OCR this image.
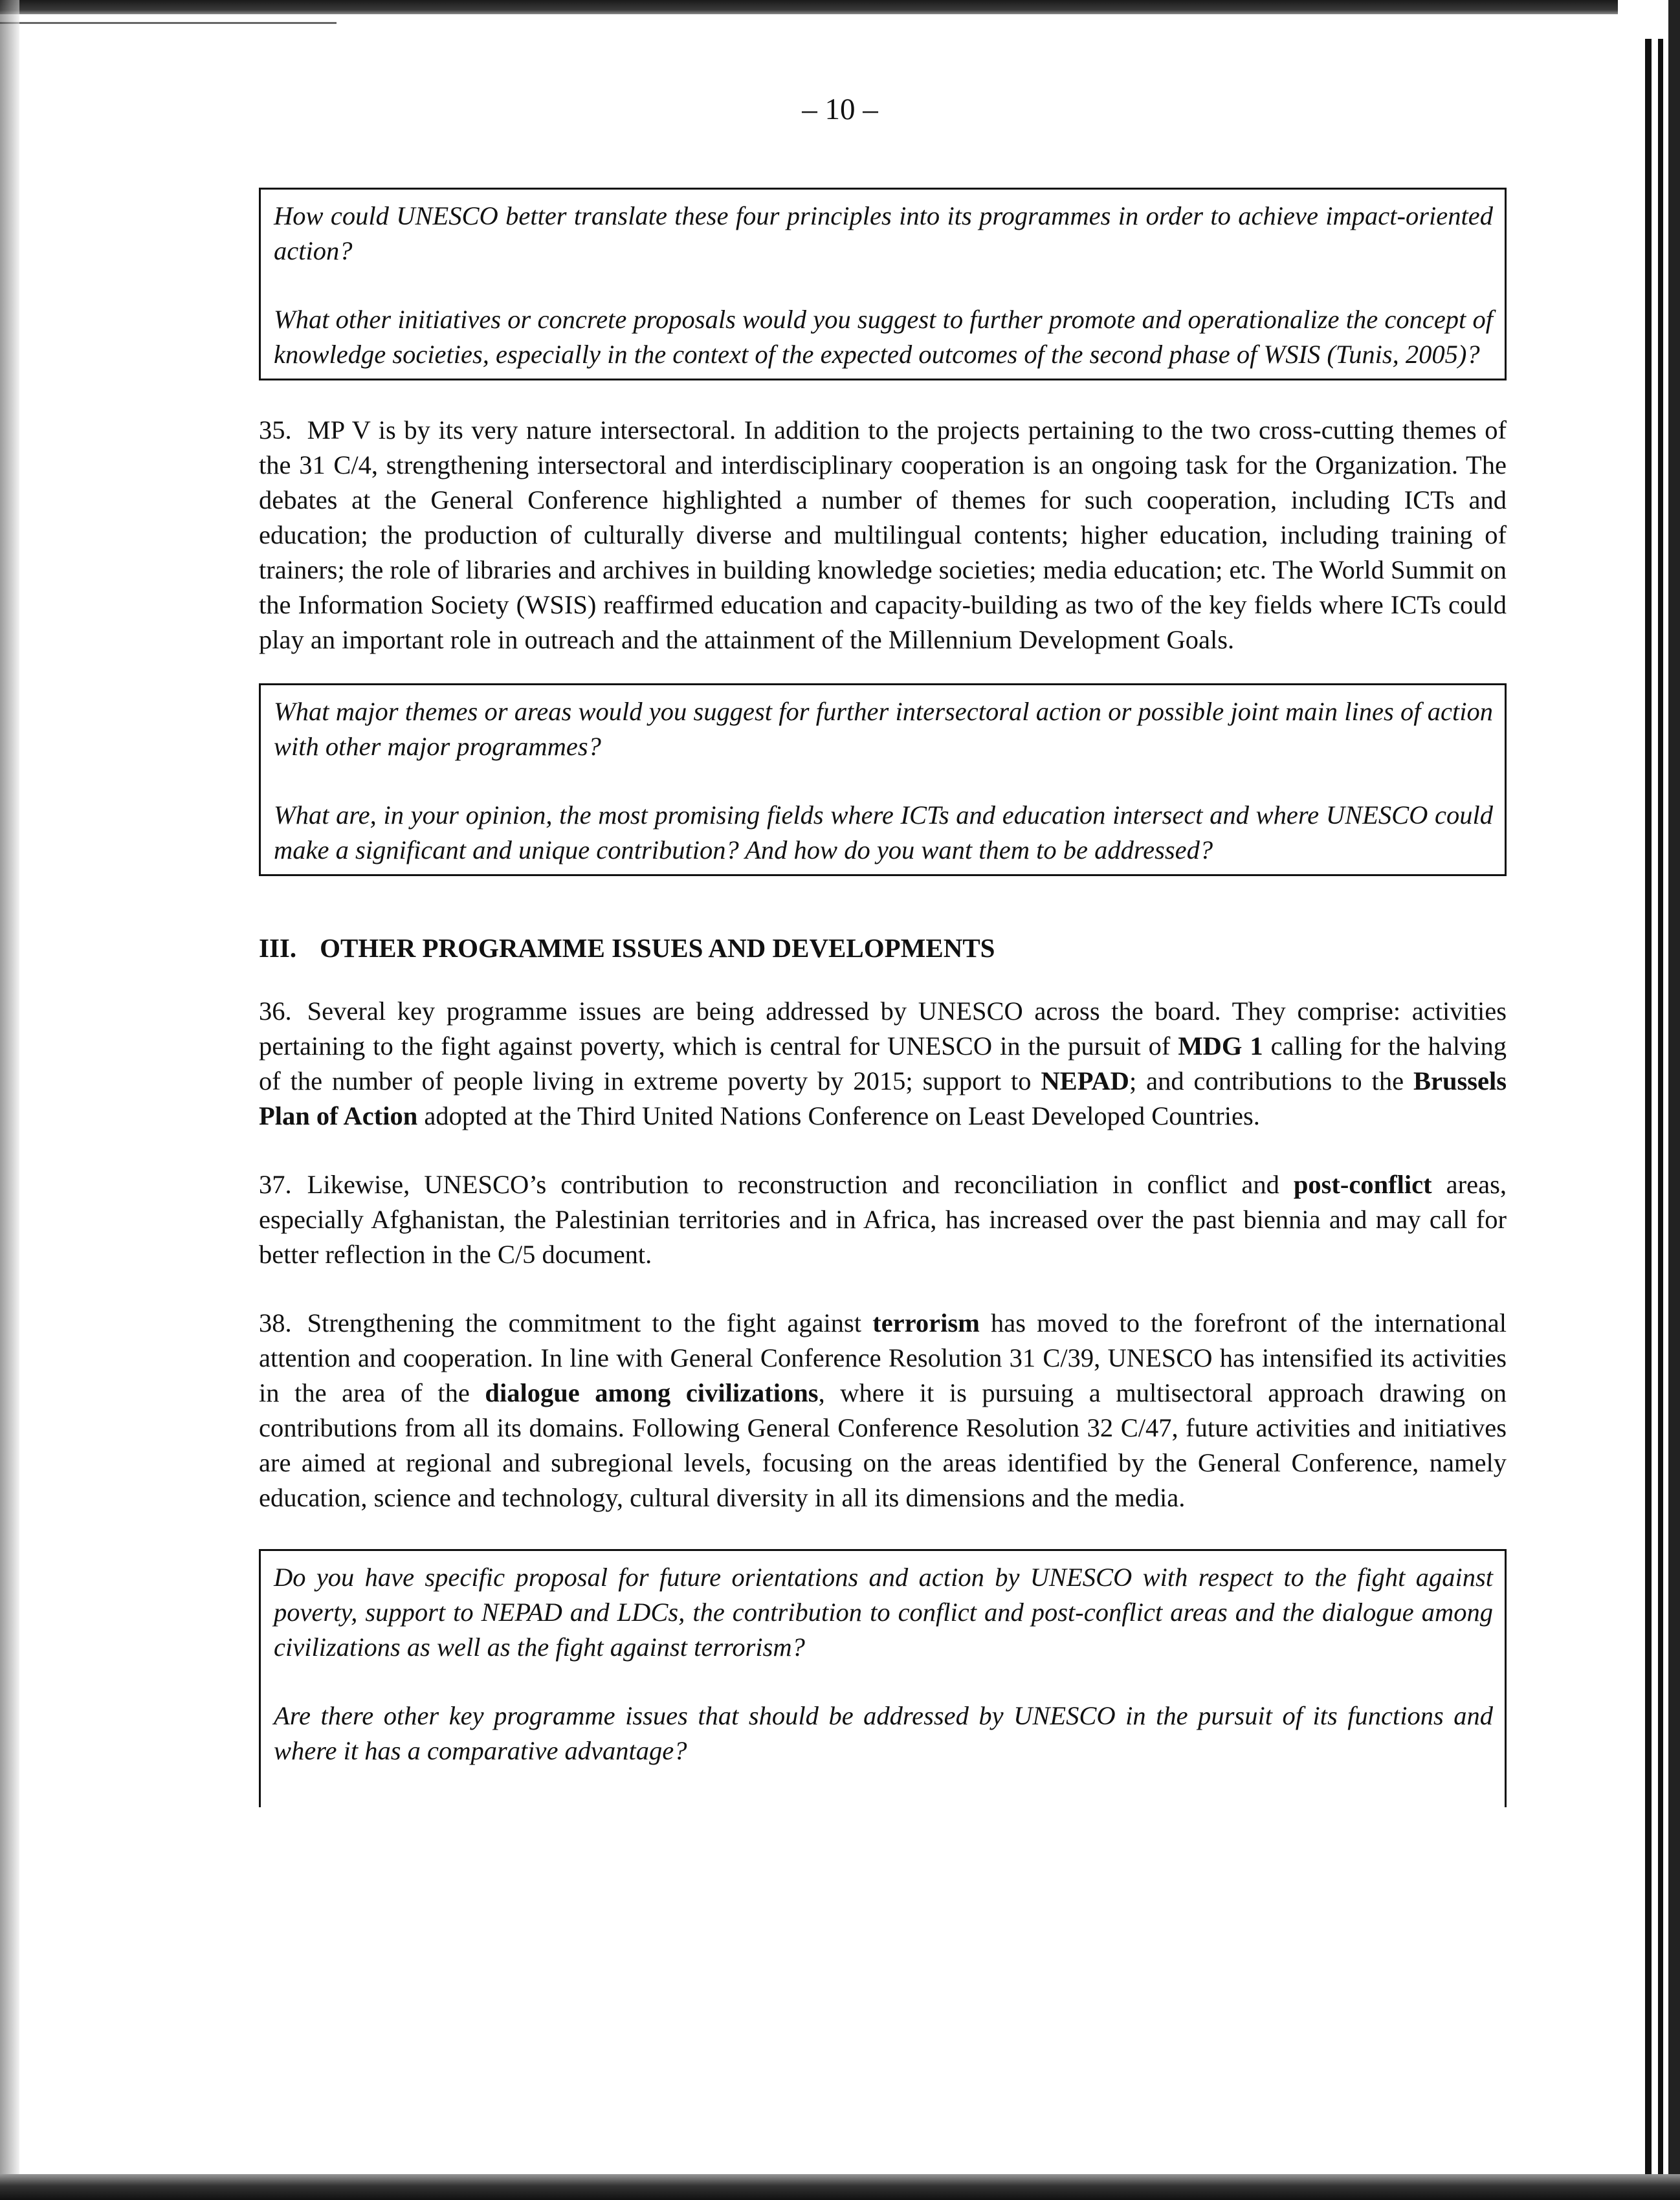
– 10 –

How could UNESCO better translate these four principles into its programmes in order to achieve impact-oriented action?

What other initiatives or concrete proposals would you suggest to further promote and operationalize the concept of knowledge societies, especially in the context of the expected outcomes of the second phase of WSIS (Tunis, 2005)?

35. MP V is by its very nature intersectoral. In addition to the projects pertaining to the two cross-cutting themes of the 31 C/4, strengthening intersectoral and interdisciplinary cooperation is an ongoing task for the Organization. The debates at the General Conference highlighted a number of themes for such cooperation, including ICTs and education; the production of culturally diverse and multilingual contents; higher education, including training of trainers; the role of libraries and archives in building knowledge societies; media education; etc. The World Summit on the Information Society (WSIS) reaffirmed education and capacity-building as two of the key fields where ICTs could play an important role in outreach and the attainment of the Millennium Development Goals.

What major themes or areas would you suggest for further intersectoral action or possible joint main lines of action with other major programmes?

What are, in your opinion, the most promising fields where ICTs and education intersect and where UNESCO could make a significant and unique contribution? And how do you want them to be addressed?

III. OTHER PROGRAMME ISSUES AND DEVELOPMENTS

36. Several key programme issues are being addressed by UNESCO across the board. They comprise: activities pertaining to the fight against poverty, which is central for UNESCO in the pursuit of MDG 1 calling for the halving of the number of people living in extreme poverty by 2015; support to NEPAD; and contributions to the Brussels Plan of Action adopted at the Third United Nations Conference on Least Developed Countries.

37. Likewise, UNESCO’s contribution to reconstruction and reconciliation in conflict and post-conflict areas, especially Afghanistan, the Palestinian territories and in Africa, has increased over the past biennia and may call for better reflection in the C/5 document.

38. Strengthening the commitment to the fight against terrorism has moved to the forefront of the international attention and cooperation. In line with General Conference Resolution 31 C/39, UNESCO has intensified its activities in the area of the dialogue among civilizations, where it is pursuing a multisectoral approach drawing on contributions from all its domains. Following General Conference Resolution 32 C/47, future activities and initiatives are aimed at regional and subregional levels, focusing on the areas identified by the General Conference, namely education, science and technology, cultural diversity in all its dimensions and the media.

Do you have specific proposal for future orientations and action by UNESCO with respect to the fight against poverty, support to NEPAD and LDCs, the contribution to conflict and post-conflict areas and the dialogue among civilizations as well as the fight against terrorism?

Are there other key programme issues that should be addressed by UNESCO in the pursuit of its functions and where it has a comparative advantage?
